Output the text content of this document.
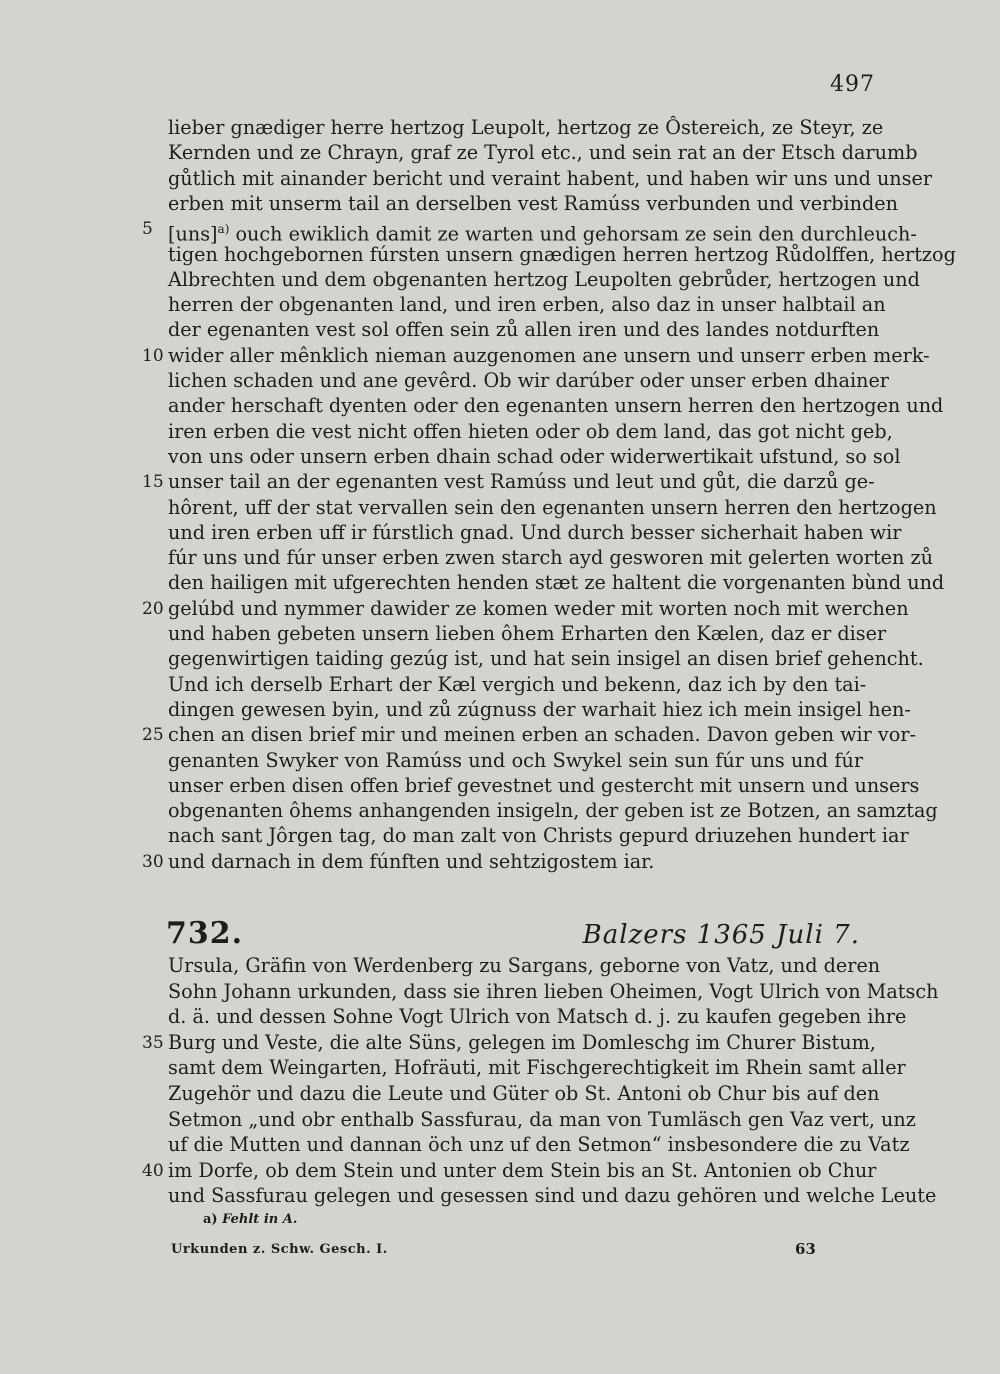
497
lieber gnædiger herre hertzog Leupolt, hertzog ze Ôstereich, ze Steyr, ze
Kernden und ze Chrayn, graf ze Tyrol etc., und sein rat an der Etsch darumb
gůtlich mit ainander bericht und veraint habent, und haben wir uns und unser
erben mit unserm tail an derselben vest Ramúss verbunden und verbinden
[uns]$^{a)}$ ouch ewiklich damit ze warten und gehorsam ze sein den durchleuch-
tigen hochgebornen fúrsten unsern gnædigen herren hertzog Růdolffen, hertzog
Albrechten und dem obgenanten hertzog Leupolten gebrůder, hertzogen und
herren der obgenanten land, und iren erben, also daz in unser halbtail an
der egenanten vest sol offen sein zů allen iren und des landes notdurften
wider aller mênklich nieman auzgenomen ane unsern und unserr erben merk-
lichen schaden und ane gevêrd. Ob wir darúber oder unser erben dhainer
ander herschaft dyenten oder den egenanten unsern herren den hertzogen und
iren erben die vest nicht offen hieten oder ob dem land, das got nicht geb,
von uns oder unsern erben dhain schad oder widerwertikait ufstund, so sol
unser tail an der egenanten vest Ramúss und leut und gůt, die darzů ge-
hôrent, uff der stat vervallen sein den egenanten unsern herren den hertzogen
und iren erben uff ir fúrstlich gnad. Und durch besser sicherhait haben wir
fúr uns und fúr unser erben zwen starch ayd gesworen mit gelerten worten zů
den hailigen mit ufgerechten henden stæt ze haltent die vorgenanten bùnd und
gelúbd und nymmer dawider ze komen weder mit worten noch mit werchen
und haben gebeten unsern lieben ôhem Erharten den Kælen, daz er diser
gegenwirtigen taiding gezúg ist, und hat sein insigel an disen brief gehencht.
Und ich derselb Erhart der Kæl vergich und bekenn, daz ich by den tai-
dingen gewesen byin, und zů zúgnuss der warhait hiez ich mein insigel hen-
chen an disen brief mir und meinen erben an schaden. Davon geben wir vor-
genanten Swyker von Ramúss und och Swykel sein sun fúr uns und fúr
unser erben disen offen brief gevestnet und gestercht mit unsern und unsers
obgenanten ôhems anhangenden insigeln, der geben ist ze Botzen, an samztag
nach sant Jôrgen tag, do man zalt von Christs gepurd driuzehen hundert iar
und darnach in dem fúnften und sehtzigostem iar.
5
10
15
20
25
30
732.	Balzers 1365 Juli 7.
Ursula, Gräfin von Werdenberg zu Sargans, geborne von Vatz, und deren
Sohn Johann urkunden, dass sie ihren lieben Oheimen, Vogt Ulrich von Matsch
d. ä. und dessen Sohne Vogt Ulrich von Matsch d. j. zu kaufen gegeben ihre
Burg und Veste, die alte Süns, gelegen im Domleschg im Churer Bistum,
samt dem Weingarten, Hofräuti, mit Fischgerechtigkeit im Rhein samt aller
Zugehör und dazu die Leute und Güter ob St. Antoni ob Chur bis auf den
Setmon „und obr enthalb Sassfurau, da man von Tumläsch gen Vaz vert, unz
uf die Mutten und dannan öch unz uf den Setmon“ insbesondere die zu Vatz
im Dorfe, ob dem Stein und unter dem Stein bis an St. Antonien ob Chur
und Sassfurau gelegen und gesessen sind und dazu gehören und welche Leute
35
40
a) Fehlt in A.
Urkunden z. Schw. Gesch. I.	63
